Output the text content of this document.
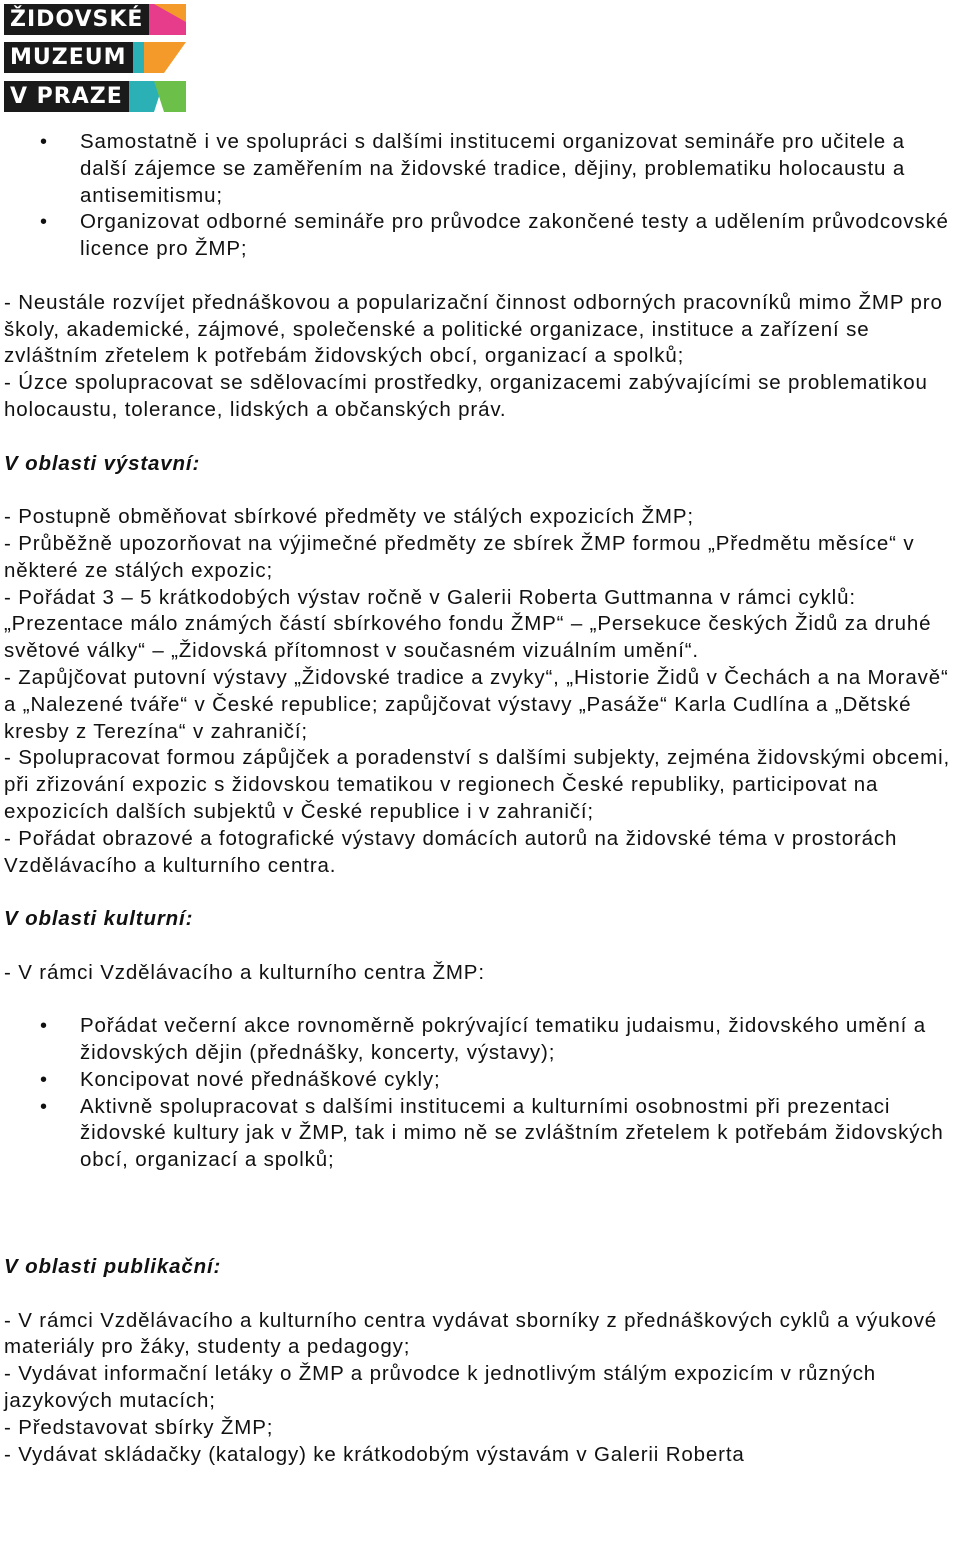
ŽIDOVSKÉ
MUZEUM
V PRAZE
• Samostatně i ve spolupráci s dalšími institucemi organizovat semináře pro učitele a další zájemce se zaměřením na židovské tradice, dějiny, problematiku holocaustu a antisemitismu;
• Organizovat odborné semináře pro průvodce zakončené testy a udělením průvodcovské licence pro ŽMP;
- Neustále rozvíjet přednáškovou a popularizační činnost odborných pracovníků mimo ŽMP pro školy, akademické, zájmové, společenské a politické organizace, instituce a zařízení se zvláštním zřetelem k potřebám židovských obcí, organizací a spolků;
- Úzce spolupracovat se sdělovacími prostředky, organizacemi zabývajícími se problematikou holocaustu, tolerance, lidských a občanských práv.
V oblasti výstavní:
- Postupně obměňovat sbírkové předměty ve stálých expozicích ŽMP;
- Průběžně upozorňovat na výjimečné předměty ze sbírek ŽMP formou „Předmětu měsíce“ v některé ze stálých expozic;
- Pořádat 3 – 5 krátkodobých výstav ročně v Galerii Roberta Guttmanna v rámci cyklů: „Prezentace málo známých částí sbírkového fondu ŽMP“ – „Persekuce českých Židů za druhé světové války“ – „Židovská přítomnost v současném vizuálním umění“.
- Zapůjčovat putovní výstavy „Židovské tradice a zvyky“, „Historie Židů v Čechách a na Moravě“ a „Nalezené tváře“ v České republice; zapůjčovat výstavy „Pasáže“ Karla Cudlína a „Dětské kresby z Terezína“ v zahraničí;
- Spolupracovat formou zápůjček a poradenství s dalšími subjekty, zejména židovskými obcemi, při zřizování expozic s židovskou tematikou v regionech České republiky, participovat na expozicích dalších subjektů v České republice i v zahraničí;
- Pořádat obrazové a fotografické výstavy domácích autorů na židovské téma v prostorách Vzdělávacího a kulturního centra.
V oblasti kulturní:
- V rámci Vzdělávacího a kulturního centra ŽMP:
• Pořádat večerní akce rovnoměrně pokrývající tematiku judaismu, židovského umění a židovských dějin (přednášky, koncerty, výstavy);
• Koncipovat nové přednáškové cykly;
• Aktivně spolupracovat s dalšími institucemi a kulturními osobnostmi při prezentaci židovské kultury jak v ŽMP, tak i mimo ně se zvláštním zřetelem k potřebám židovských obcí, organizací a spolků;
V oblasti publikační:
- V rámci Vzdělávacího a kulturního centra vydávat sborníky z přednáškových cyklů a výukové materiály pro žáky, studenty a pedagogy;
- Vydávat informační letáky o ŽMP a průvodce k jednotlivým stálým expozicím v různých jazykových mutacích;
- Představovat sbírky ŽMP;
- Vydávat skládačky (katalogy) ke krátkodobým výstavám v Galerii Roberta
